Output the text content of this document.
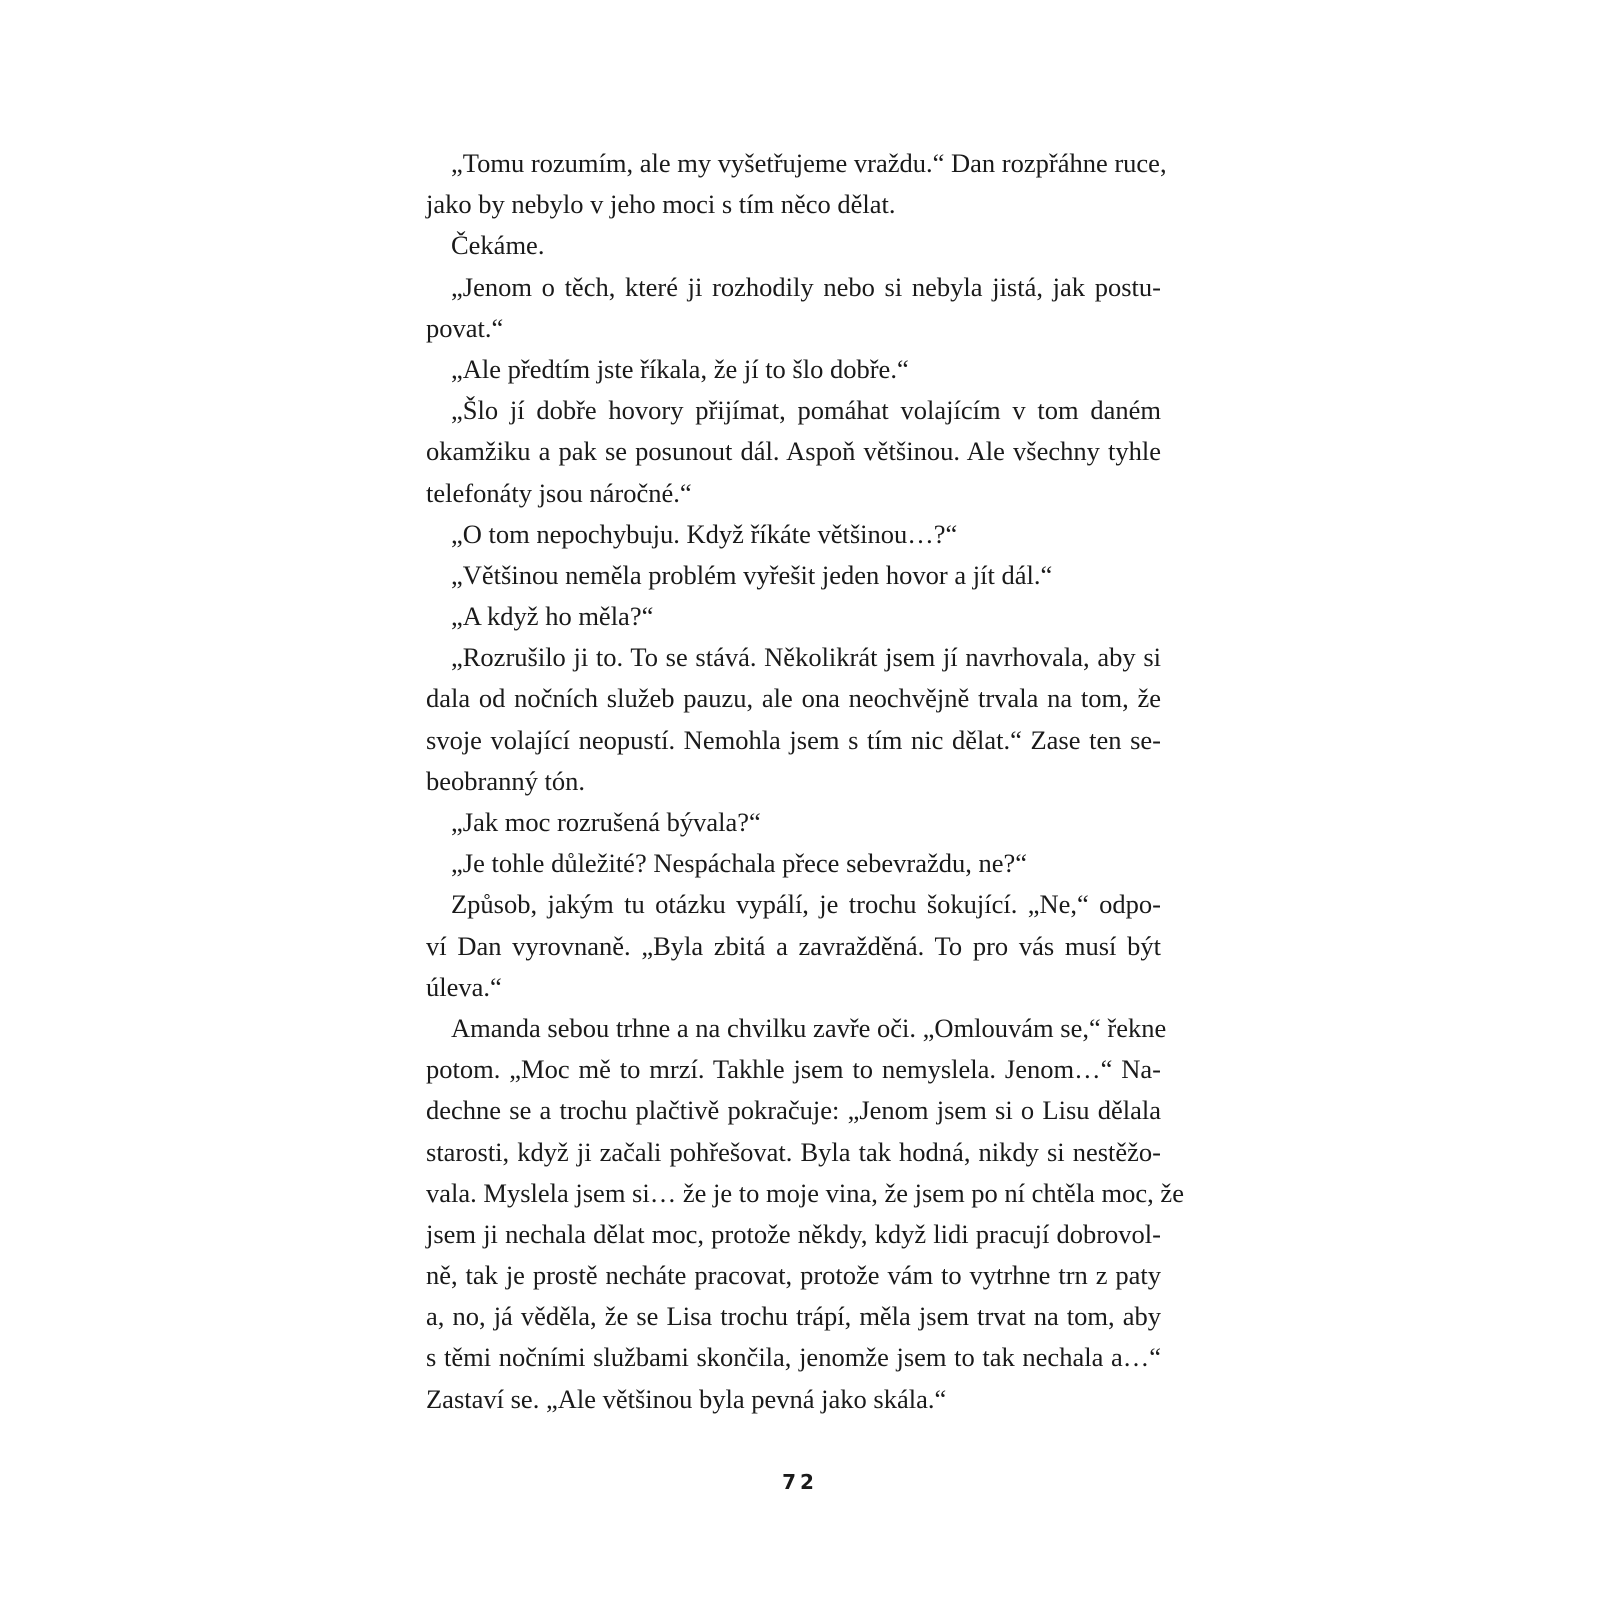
„Tomu rozumím, ale my vyšetřujeme vraždu.“ Dan rozpřáhne ruce,
jako by nebylo v jeho moci s tím něco dělat.
Čekáme.
„Jenom o těch, které ji rozhodily nebo si nebyla jistá, jak postu-
povat.“
„Ale předtím jste říkala, že jí to šlo dobře.“
„Šlo jí dobře hovory přijímat, pomáhat volajícím v tom daném
okamžiku a pak se posunout dál. Aspoň většinou. Ale všechny tyhle
telefonáty jsou náročné.“
„O tom nepochybuju. Když říkáte většinou…?“
„Většinou neměla problém vyřešit jeden hovor a jít dál.“
„A když ho měla?“
„Rozrušilo ji to. To se stává. Několikrát jsem jí navrhovala, aby si
dala od nočních služeb pauzu, ale ona neochvějně trvala na tom, že
svoje volající neopustí. Nemohla jsem s tím nic dělat.“ Zase ten se-
beobranný tón.
„Jak moc rozrušená bývala?“
„Je tohle důležité? Nespáchala přece sebevraždu, ne?“
Způsob, jakým tu otázku vypálí, je trochu šokující. „Ne,“ odpo-
ví Dan vyrovnaně. „Byla zbitá a zavražděná. To pro vás musí být
úleva.“
Amanda sebou trhne a na chvilku zavře oči. „Omlouvám se,“ řekne
potom. „Moc mě to mrzí. Takhle jsem to nemyslela. Jenom…“ Na-
dechne se a trochu plačtivě pokračuje: „Jenom jsem si o Lisu dělala
starosti, když ji začali pohřešovat. Byla tak hodná, nikdy si nestěžo-
vala. Myslela jsem si… že je to moje vina, že jsem po ní chtěla moc, že
jsem ji nechala dělat moc, protože někdy, když lidi pracují dobrovol-
ně, tak je prostě necháte pracovat, protože vám to vytrhne trn z paty
a, no, já věděla, že se Lisa trochu trápí, měla jsem trvat na tom, aby
s těmi nočními službami skončila, jenomže jsem to tak nechala a…“
Zastaví se. „Ale většinou byla pevná jako skála.“
72
